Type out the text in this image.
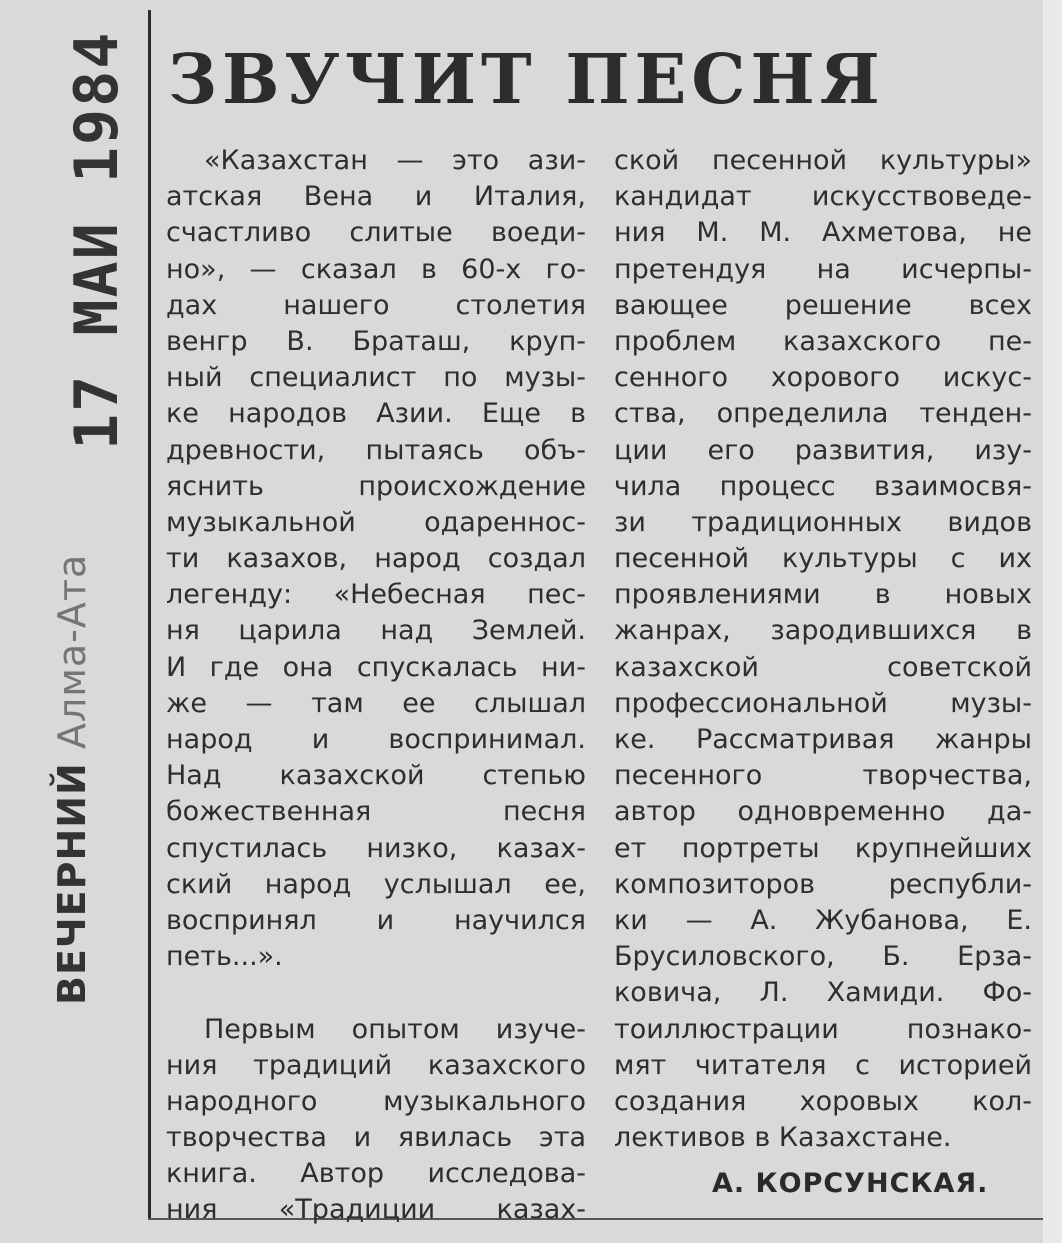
17 МАИ 1984
ВЕЧЕРНИЙ Алма-Ата
ЗВУЧИТ ПЕСНЯ
«Казахстан — это ази-
атская Вена и Италия,
счастливо слитые воеди-
но», — сказал в 60-х го-
дах нашего столетия
венгр В. Браташ, круп-
ный специалист по музы-
ке народов Азии. Еще в
древности, пытаясь объ-
яснить происхождение
музыкальной одареннос-
ти казахов, народ создал
легенду: «Небесная пес-
ня царила над Землей.
И где она спускалась ни-
же — там ее слышал
народ и воспринимал.
Над казахской степью
божественная песня
спустилась низко, казах-
ский народ услышал ее,
воспринял и научился
петь...».
Первым опытом изуче-
ния традиций казахского
народного музыкального
творчества и явилась эта
книга. Автор исследова-
ния «Традиции казах-
ской песенной культуры»
кандидат искусствоведе-
ния М. М. Ахметова, не
претендуя на исчерпы-
вающее решение всех
проблем казахского пе-
сенного хорового искус-
ства, определила тенден-
ции его развития, изу-
чила процесс взаимосвя-
зи традиционных видов
песенной культуры с их
проявлениями в новых
жанрах, зародившихся в
казахской советской
профессиональной музы-
ке. Рассматривая жанры
песенного творчества,
автор одновременно да-
ет портреты крупнейших
композиторов республи-
ки — А. Жубанова, Е.
Брусиловского, Б. Ерза-
ковича, Л. Хамиди. Фо-
тоиллюстрации познако-
мят читателя с историей
создания хоровых кол-
лективов в Казахстане.
А. КОРСУНСКАЯ.
